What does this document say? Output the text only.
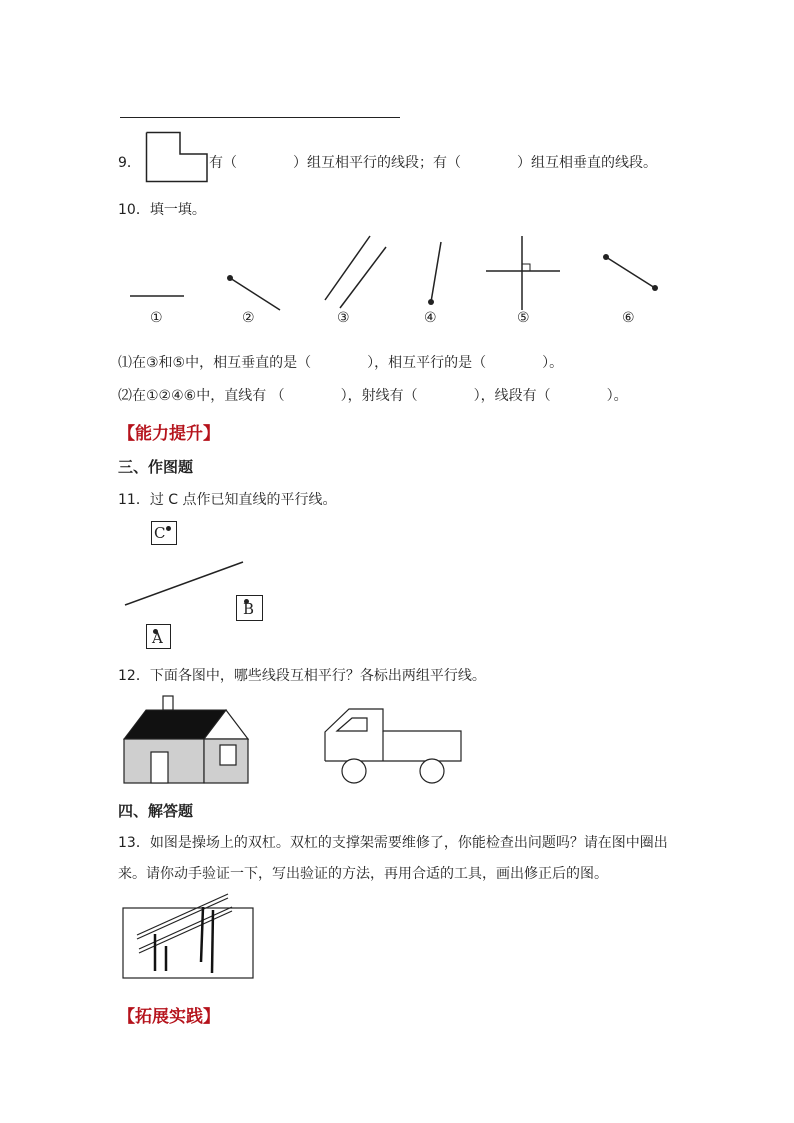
9．	有（　　　　）组互相平行的线段；有（　　　　）组互相垂直的线段。
10．填一填。
①	②	③	④	⑤	⑥
⑴在③和⑤中，相互垂直的是（　　　　），相互平行的是（　　　　）。
⑵在①②④⑥中，直线有 （　　　　），射线有（　　　　），线段有（　　　　）。
【能力提升】
三、作图题
11．过 C 点作已知直线的平行线。
C
B
A
12．下面各图中，哪些线段互相平行？各标出两组平行线。
四、解答题
13．如图是操场上的双杠。双杠的支撑架需要维修了，你能检查出问题吗？请在图中圈出
来。请你动手验证一下，写出验证的方法，再用合适的工具，画出修正后的图。
【拓展实践】
